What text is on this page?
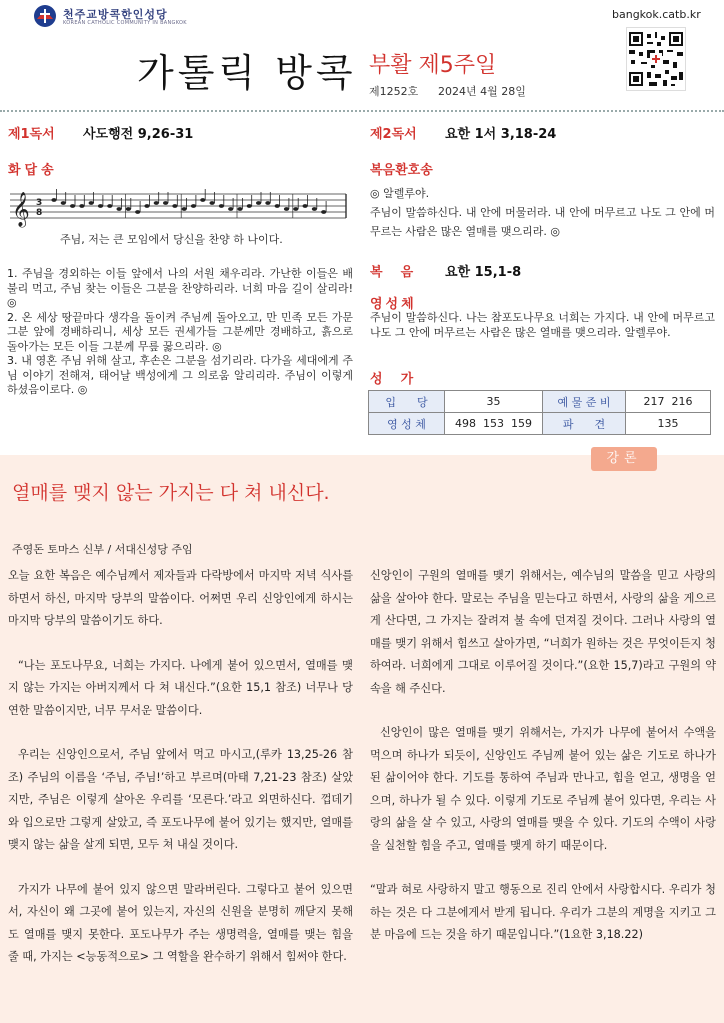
천주교방콕한인성당
KOREAN CATHOLIC COMMUNITY IN BANGKOK
bangkok.catb.kr
가톨릭 방콕 부활 제5주일
제1252호 2024년 4월 28일
제1독서 사도행전 9,26-31
화답송
𝄞 3
8
주님, 저는 큰 모임에서 당신을 찬양 하 나이다.

1. 주님을 경외하는 이들 앞에서 나의 서원 채우리라. 가난한 이들은 배불리 먹고, 주님 찾는 이들은 그분을 찬양하리라. 너희 마음 길이 살리라! ◎

2. 온 세상 땅끝마다 생각을 돌이켜 주님께 돌아오고, 만 민족 모든 가문 그분 앞에 경배하리니, 세상 모든 권세가들 그분께만 경배하고, 흙으로 돌아가는 모든 이들 그분께 무릎 꿇으리라. ◎

3. 내 영혼 주님 위해 살고, 후손은 그분을 섬기리라. 다가올 세대에게 주님 이야기 전해져, 태어날 백성에게 그 의로움 알리리라. 주님이 이렇게 하셨음이로다. ◎

제2독서 요한 1서 3,18-24
복음환호송
◎ 알렐루야.
주님이 말씀하신다. 내 안에 머물러라. 내 안에 머무르고 나도 그 안에 머무르는 사람은 많은 열매를 맺으리라. ◎
복    음 요한 15,1-8
영성체
주님이 말씀하신다. 나는 참포도나무요 너희는 가지다. 내 안에 머무르고 나도 그 안에 머무르는 사람은 많은 열매를 맺으리라. 알렐루야.
성    가
입      당	35	예 물 준 비	217  216
영 성 체	498  153  159	파      견	135
강론
열매를 맺지 않는 가지는 다 쳐 내신다.
주영돈 토마스 신부 / 서대신성당 주임

오늘 요한 복음은 예수님께서 제자들과 다락방에서 마지막 저녁 식사를 하면서 하신, 마지막 당부의 말씀이다. 어쩌면 우리 신앙인에게 하시는 마지막 당부의 말씀이기도 하다.

“나는 포도나무요, 너희는 가지다. 나에게 붙어 있으면서, 열매를 맺지 않는 가지는 아버지께서 다 쳐 내신다.”(요한 15,1 참조) 너무나 당연한 말씀이지만, 너무 무서운 말씀이다.

우리는 신앙인으로서, 주님 앞에서 먹고 마시고,(루카 13,25-26 참조) 주님의 이름을 ‘주님, 주님!’하고 부르며(마태 7,21-23 참조) 살았지만, 주님은 이렇게 살아온 우리를 ‘모른다.’라고 외면하신다. 껍데기와 입으로만 그렇게 살았고, 즉 포도나무에 붙어 있기는 했지만, 열매를 맺지 않는 삶을 살게 되면, 모두 쳐 내실 것이다.

가지가 나무에 붙어 있지 않으면 말라버린다. 그렇다고 붙어 있으면서, 자신이 왜 그곳에 붙어 있는지, 자신의 신원을 분명히 깨닫지 못해도 열매를 맺지 못한다. 포도나무가 주는 생명력을, 열매를 맺는 힘을 줄 때, 가지는 <능동적으로> 그 역할을 완수하기 위해서 힘써야 한다.

신앙인이 구원의 열매를 맺기 위해서는, 예수님의 말씀을 믿고 사랑의 삶을 살아야 한다. 말로는 주님을 믿는다고 하면서, 사랑의 삶을 게으르게 산다면, 그 가지는 잘려져 불 속에 던져질 것이다. 그러나 사랑의 열매를 맺기 위해서 힘쓰고 살아가면, “너희가 원하는 것은 무엇이든지 청하여라. 너희에게 그대로 이루어질 것이다.”(요한 15,7)라고 구원의 약속을 해 주신다.

신앙인이 많은 열매를 맺기 위해서는, 가지가 나무에 붙어서 수액을 먹으며 하나가 되듯이, 신앙인도 주님께 붙어 있는 삶은 기도로 하나가 된 삶이어야 한다. 기도를 통하여 주님과 만나고, 힘을 얻고, 생명을 얻으며, 하나가 될 수 있다. 이렇게 기도로 주님께 붙어 있다면, 우리는 사랑의 삶을 살 수 있고, 사랑의 열매를 맺을 수 있다. 기도의 수액이 사랑을 실천할 힘을 주고, 열매를 맺게 하기 때문이다.

“말과 혀로 사랑하지 말고 행동으로 진리 안에서 사랑합시다. 우리가 청하는 것은 다 그분에게서 받게 됩니다. 우리가 그분의 계명을 지키고 그분 마음에 드는 것을 하기 때문입니다.”(1요한 3,18.22)
